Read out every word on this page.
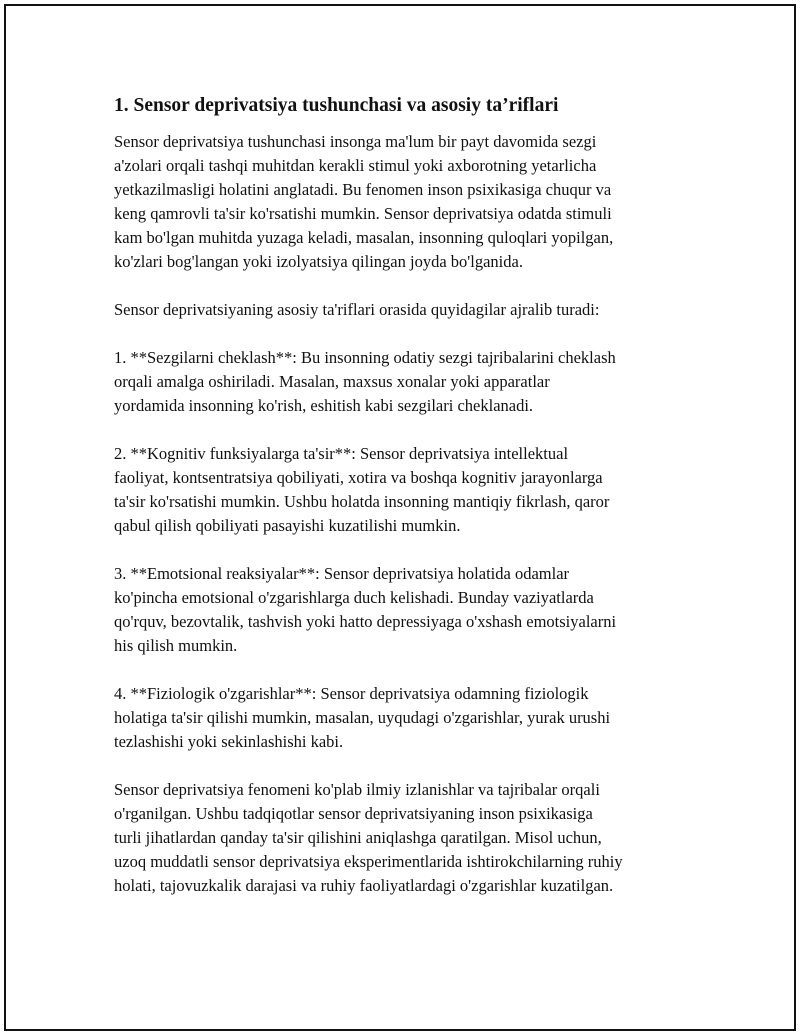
1. Sensor deprivatsiya tushunchasi va asosiy ta’riflari

Sensor deprivatsiya tushunchasi insonga ma'lum bir payt davomida sezgi
a'zolari orqali tashqi muhitdan kerakli stimul yoki axborotning yetarlicha
yetkazilmasligi holatini anglatadi. Bu fenomen inson psixikasiga chuqur va
keng qamrovli ta'sir ko'rsatishi mumkin. Sensor deprivatsiya odatda stimuli
kam bo'lgan muhitda yuzaga keladi, masalan, insonning quloqlari yopilgan,
ko'zlari bog'langan yoki izolyatsiya qilingan joyda bo'lganida.

Sensor deprivatsiyaning asosiy ta'riflari orasida quyidagilar ajralib turadi:

1. **Sezgilarni cheklash**: Bu insonning odatiy sezgi tajribalarini cheklash
orqali amalga oshiriladi. Masalan, maxsus xonalar yoki apparatlar
yordamida insonning ko'rish, eshitish kabi sezgilari cheklanadi.

2. **Kognitiv funksiyalarga ta'sir**: Sensor deprivatsiya intellektual
faoliyat, kontsentratsiya qobiliyati, xotira va boshqa kognitiv jarayonlarga
ta'sir ko'rsatishi mumkin. Ushbu holatda insonning mantiqiy fikrlash, qaror
qabul qilish qobiliyati pasayishi kuzatilishi mumkin.

3. **Emotsional reaksiyalar**: Sensor deprivatsiya holatida odamlar
ko'pincha emotsional o'zgarishlarga duch kelishadi. Bunday vaziyatlarda
qo'rquv, bezovtalik, tashvish yoki hatto depressiyaga o'xshash emotsiyalarni
his qilish mumkin.

4. **Fiziologik o'zgarishlar**: Sensor deprivatsiya odamning fiziologik
holatiga ta'sir qilishi mumkin, masalan, uyqudagi o'zgarishlar, yurak urushi
tezlashishi yoki sekinlashishi kabi.

Sensor deprivatsiya fenomeni ko'plab ilmiy izlanishlar va tajribalar orqali
o'rganilgan. Ushbu tadqiqotlar sensor deprivatsiyaning inson psixikasiga
turli jihatlardan qanday ta'sir qilishini aniqlashga qaratilgan. Misol uchun,
uzoq muddatli sensor deprivatsiya eksperimentlarida ishtirokchilarning ruhiy
holati, tajovuzkalik darajasi va ruhiy faoliyatlardagi o'zgarishlar kuzatilgan.
